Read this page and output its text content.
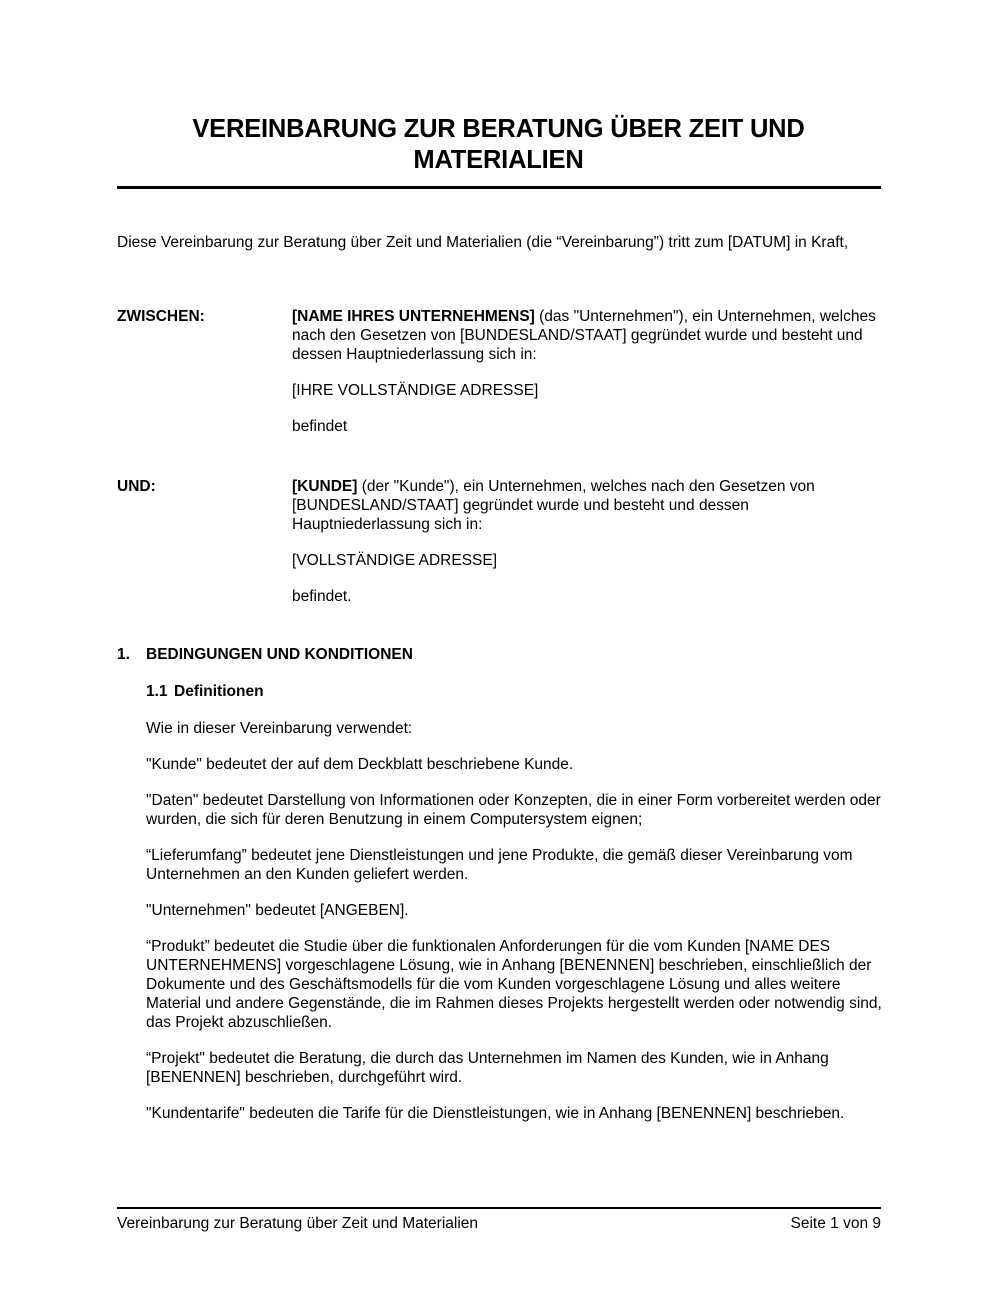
VEREINBARUNG ZUR BERATUNG ÜBER ZEIT UND MATERIALIEN

Diese Vereinbarung zur Beratung über Zeit und Materialien (die “Vereinbarung”) tritt zum [DATUM] in Kraft,

ZWISCHEN:	[NAME IHRES UNTERNEHMENS] (das "Unternehmen"), ein Unternehmen, welches nach den Gesetzen von [BUNDESLAND/STAAT] gegründet wurde und besteht und dessen Hauptniederlassung sich in:

[IHRE VOLLSTÄNDIGE ADRESSE]

befindet

UND:	[KUNDE] (der "Kunde"), ein Unternehmen, welches nach den Gesetzen von [BUNDESLAND/STAAT] gegründet wurde und besteht und dessen Hauptniederlassung sich in:

[VOLLSTÄNDIGE ADRESSE]

befindet.

1.	BEDINGUNGEN UND KONDITIONEN
1.1 Definitionen

Wie in dieser Vereinbarung verwendet:

"Kunde" bedeutet der auf dem Deckblatt beschriebene Kunde.

"Daten" bedeutet Darstellung von Informationen oder Konzepten, die in einer Form vorbereitet werden oder wurden, die sich für deren Benutzung in einem Computersystem eignen;

“Lieferumfang” bedeutet jene Dienstleistungen und jene Produkte, die gemäß dieser Vereinbarung vom Unternehmen an den Kunden geliefert werden.

"Unternehmen" bedeutet [ANGEBEN].

“Produkt” bedeutet die Studie über die funktionalen Anforderungen für die vom Kunden [NAME DES UNTERNEHMENS] vorgeschlagene Lösung, wie in Anhang [BENENNEN] beschrieben, einschließlich der Dokumente und des Geschäftsmodells für die vom Kunden vorgeschlagene Lösung und alles weitere Material und andere Gegenstände, die im Rahmen dieses Projekts hergestellt werden oder notwendig sind, das Projekt abzuschließen.

“Projekt" bedeutet die Beratung, die durch das Unternehmen im Namen des Kunden, wie in Anhang [BENENNEN] beschrieben, durchgeführt wird.

"Kundentarife" bedeuten die Tarife für die Dienstleistungen, wie in Anhang [BENENNEN] beschrieben.

Vereinbarung zur Beratung über Zeit und Materialien	Seite 1 von 9
